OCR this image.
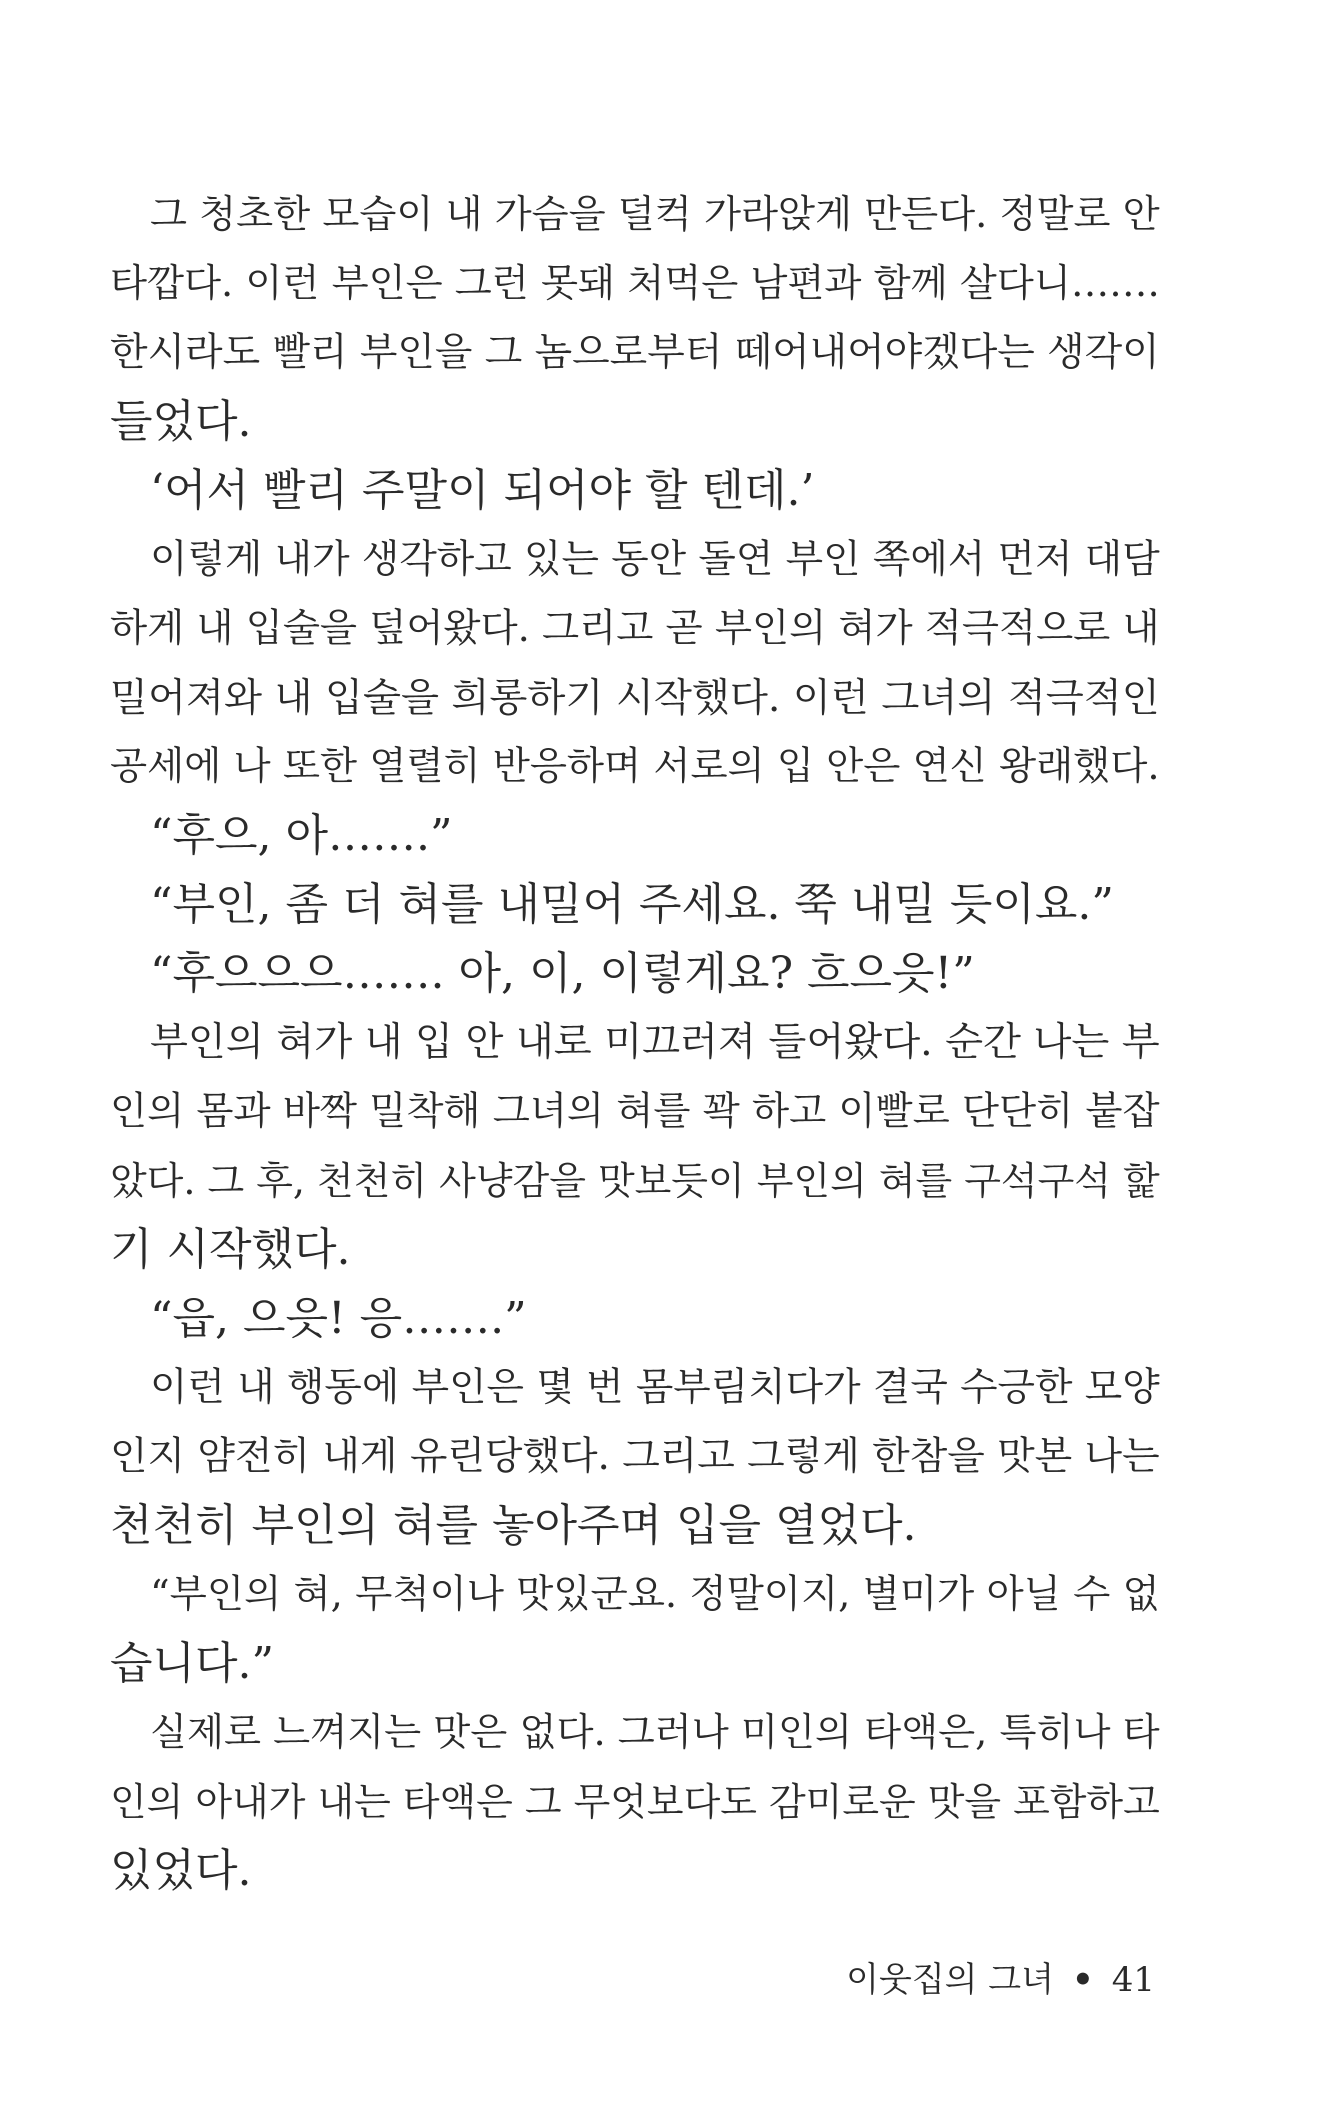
그 청초한 모습이 내 가슴을 덜컥 가라앉게 만든다. 정말로 안
타깝다. 이런 부인은 그런 못돼 처먹은 남편과 함께 살다니…….
한시라도 빨리 부인을 그 놈으로부터 떼어내어야겠다는 생각이
들었다.
‘어서 빨리 주말이 되어야 할 텐데.’
이렇게 내가 생각하고 있는 동안 돌연 부인 쪽에서 먼저 대담
하게 내 입술을 덮어왔다. 그리고 곧 부인의 혀가 적극적으로 내
밀어져와 내 입술을 희롱하기 시작했다. 이런 그녀의 적극적인
공세에 나 또한 열렬히 반응하며 서로의 입 안은 연신 왕래했다.
“후으, 아…….”
“부인, 좀 더 혀를 내밀어 주세요. 쭉 내밀 듯이요.”
“후으으으……. 아, 이, 이렇게요? 흐으읏!”
부인의 혀가 내 입 안 내로 미끄러져 들어왔다. 순간 나는 부
인의 몸과 바짝 밀착해 그녀의 혀를 꽉 하고 이빨로 단단히 붙잡
았다. 그 후, 천천히 사냥감을 맛보듯이 부인의 혀를 구석구석 핥
기 시작했다.
“읍, 으읏! 응…….”
이런 내 행동에 부인은 몇 번 몸부림치다가 결국 수긍한 모양
인지 얌전히 내게 유린당했다. 그리고 그렇게 한참을 맛본 나는
천천히 부인의 혀를 놓아주며 입을 열었다.
“부인의 혀, 무척이나 맛있군요. 정말이지, 별미가 아닐 수 없
습니다.”
실제로 느껴지는 맛은 없다. 그러나 미인의 타액은, 특히나 타
인의 아내가 내는 타액은 그 무엇보다도 감미로운 맛을 포함하고
있었다.
이웃집의 그녀 • 41
